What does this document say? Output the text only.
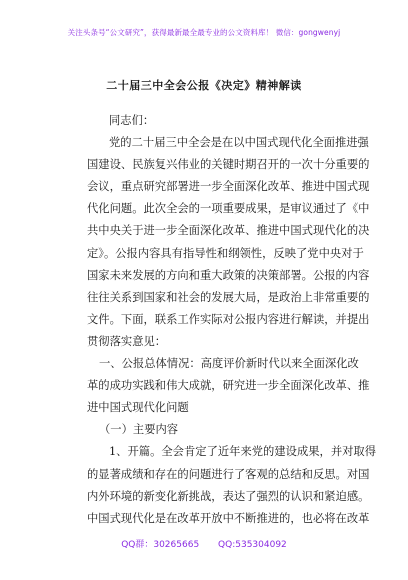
关注头条号“公文研究”，获得最新最全最专业的公文资料库！ 微信：gongwenyj
二十届三中全会公报《决定》精神解读
同志们：
党的二十届三中全会是在以中国式现代化全面推进强
国建设、民族复兴伟业的关键时期召开的一次十分重要的
会议，重点研究部署进一步全面深化改革、推进中国式现
代化问题。此次全会的一项重要成果，是审议通过了《中
共中央关于进一步全面深化改革、推进中国式现代化的决
定》。公报内容具有指导性和纲领性，反映了党中央对于
国家未来发展的方向和重大政策的决策部署。公报的内容
往往关系到国家和社会的发展大局，是政治上非常重要的
文件。下面，联系工作实际对公报内容进行解读，并提出
贯彻落实意见：
一、公报总体情况：高度评价新时代以来全面深化改
革的成功实践和伟大成就，研究进一步全面深化改革、推
进中国式现代化问题
（一）主要内容
1、开篇。全会肯定了近年来党的建设成果，并对取得
的显著成绩和存在的问题进行了客观的总结和反思。对国
内外环境的新变化新挑战，表达了强烈的认识和紧迫感。
中国式现代化是在改革开放中不断推进的，也必将在改革
QQ群：30265665 QQ:535304092
